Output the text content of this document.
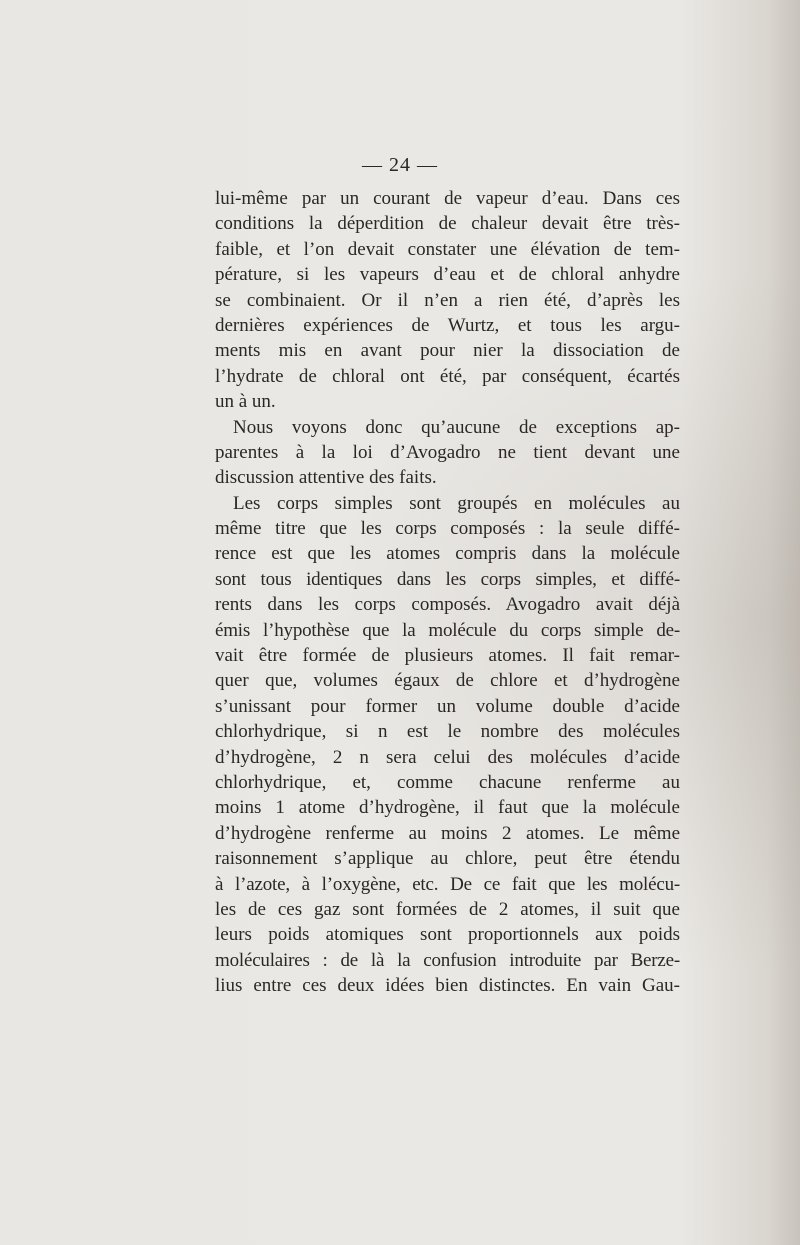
— 24 —
lui-même par un courant de vapeur d’eau. Dans ces
conditions la déperdition de chaleur devait être très-
faible, et l’on devait constater une élévation de tem-
pérature, si les vapeurs d’eau et de chloral anhydre
se combinaient. Or il n’en a rien été, d’après les
dernières expériences de Wurtz, et tous les argu-
ments mis en avant pour nier la dissociation de
l’hydrate de chloral ont été, par conséquent, écartés
un à un.
Nous voyons donc qu’aucune de exceptions ap-
parentes à la loi d’Avogadro ne tient devant une
discussion attentive des faits.
Les corps simples sont groupés en molécules au
même titre que les corps composés : la seule diffé-
rence est que les atomes compris dans la molécule
sont tous identiques dans les corps simples, et diffé-
rents dans les corps composés. Avogadro avait déjà
émis l’hypothèse que la molécule du corps simple de-
vait être formée de plusieurs atomes. Il fait remar-
quer que, volumes égaux de chlore et d’hydrogène
s’unissant pour former un volume double d’acide
chlorhydrique, si n est le nombre des molécules
d’hydrogène, 2 n sera celui des molécules d’acide
chlorhydrique, et, comme chacune renferme au
moins 1 atome d’hydrogène, il faut que la molécule
d’hydrogène renferme au moins 2 atomes. Le même
raisonnement s’applique au chlore, peut être étendu
à l’azote, à l’oxygène, etc. De ce fait que les molécu-
les de ces gaz sont formées de 2 atomes, il suit que
leurs poids atomiques sont proportionnels aux poids
moléculaires : de là la confusion introduite par Berze-
lius entre ces deux idées bien distinctes. En vain Gau-
